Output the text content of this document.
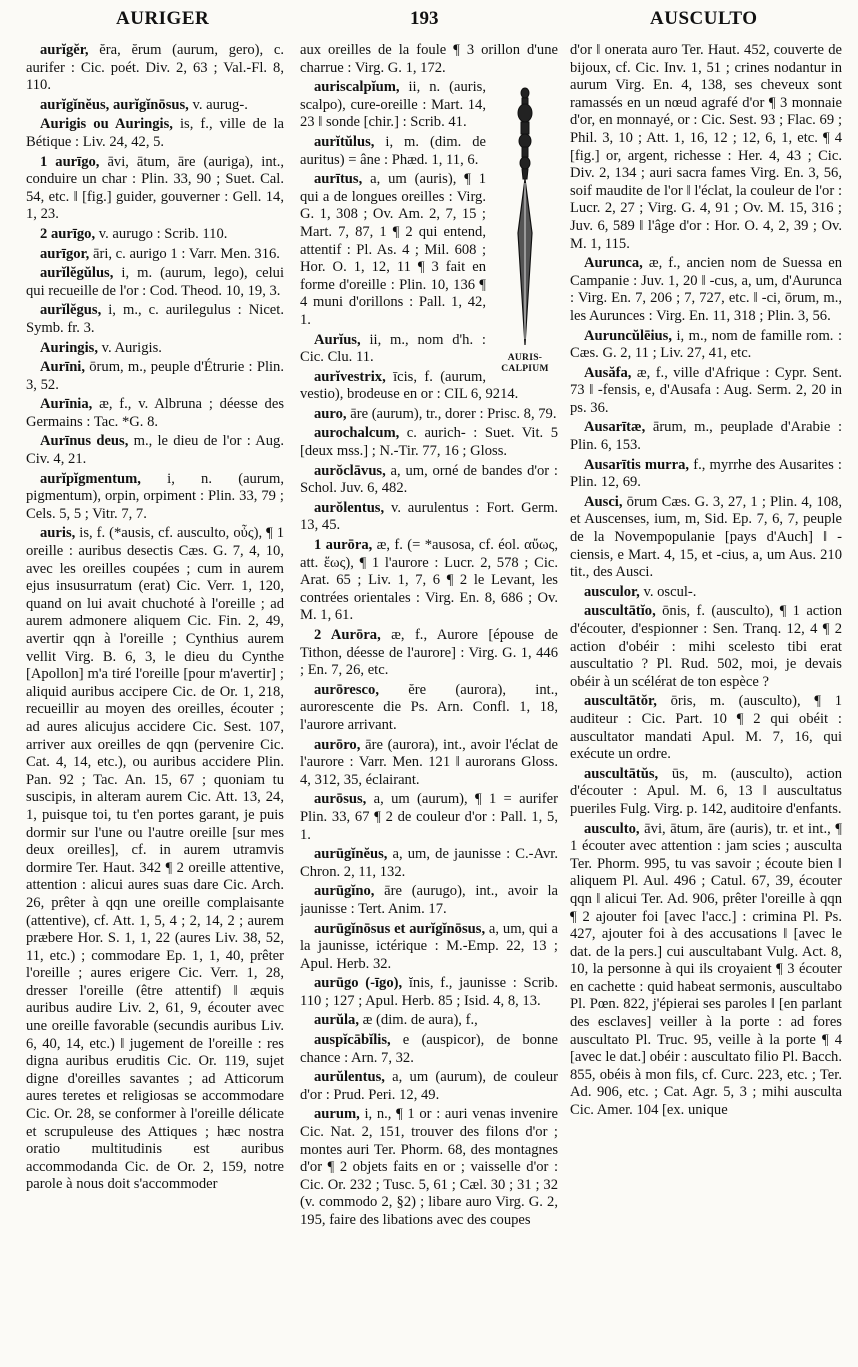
AURIGER	193	AUSCULTO

aurĭgĕr, ĕra, ĕrum (aurum, gero), c. aurifer : Cic. poét. Div. 2, 63 ; Val.-Fl. 8, 110.

aurĭgĭnĕus, aurĭgĭnōsus, v. aurug-.

Aurigis ou Auringis, is, f., ville de la Bétique : Liv. 24, 42, 5.

1 aurīgo, āvi, ātum, āre (auriga), int., conduire un char : Plin. 33, 90 ; Suet. Cal. 54, etc. ‖ [fig.] guider, gouverner : Gell. 14, 1, 23.

2 aurīgo, v. aurugo : Scrib. 110.

aurīgor, āri, c. aurigo 1 : Varr. Men. 316.

aurĭlĕgŭlus, i, m. (aurum, lego), celui qui recueille de l'or : Cod. Theod. 10, 19, 3.

aurĭlĕgus, i, m., c. aurilegulus : Nicet. Symb. fr. 3.

Auringis, v. Aurigis.

Aurīni, ōrum, m., peuple d'Étrurie : Plin. 3, 52.

Aurīnia, æ, f., v. Albruna ; déesse des Germains : Tac. *G. 8.

Aurīnus deus, m., le dieu de l'or : Aug. Civ. 4, 21.

aurĭpĭgmentum, i, n. (aurum, pigmentum), orpin, orpiment : Plin. 33, 79 ; Cels. 5, 5 ; Vitr. 7, 7.

auris, is, f. (*ausis, cf. ausculto, οὖς), ¶ 1 oreille : auribus desectis Cæs. G. 7, 4, 10, avec les oreilles coupées ; cum in aurem ejus insusurratum (erat) Cic. Verr. 1, 120, quand on lui avait chuchoté à l'oreille ; ad aurem admonere aliquem Cic. Fin. 2, 49, avertir qqn à l'oreille ; Cynthius aurem vellit Virg. B. 6, 3, le dieu du Cynthe [Apollon] m'a tiré l'oreille [pour m'avertir] ; aliquid auribus accipere Cic. de Or. 1, 218, recueillir au moyen des oreilles, écouter ; ad aures alicujus accidere Cic. Sest. 107, arriver aux oreilles de qqn (pervenire Cic. Cat. 4, 14, etc.), ou auribus accidere Plin. Pan. 92 ; Tac. An. 15, 67 ; quoniam tu suscipis, in alteram aurem Cic. Att. 13, 24, 1, puisque toi, tu t'en portes garant, je puis dormir sur l'une ou l'autre oreille [sur mes deux oreilles], cf. in aurem utramvis dormire Ter. Haut. 342 ¶ 2 oreille attentive, attention : alicui aures suas dare Cic. Arch. 26, prêter à qqn une oreille complaisante (attentive), cf. Att. 1, 5, 4 ; 2, 14, 2 ; aurem præbere Hor. S. 1, 1, 22 (aures Liv. 38, 52, 11, etc.) ; commodare Ep. 1, 1, 40, prêter l'oreille ; aures erigere Cic. Verr. 1, 28, dresser l'oreille (être attentif) ‖ æquis auribus audire Liv. 2, 61, 9, écouter avec une oreille favorable (secundis auribus Liv. 6, 40, 14, etc.) ‖ jugement de l'oreille : res digna auribus eruditis Cic. Or. 119, sujet digne d'oreilles savantes ; ad Atticorum aures teretes et religiosas se accommodare Cic. Or. 28, se conformer à l'oreille délicate et scrupuleuse des Attiques ; hæc nostra oratio multitudinis est auribus accommodanda Cic. de Or. 2, 159, notre parole à nous doit s'accommoder

aux oreilles de la foule ¶ 3 orillon d'une charrue : Virg. G. 1, 172.

AURIS-
CALPIUM

auriscalpĭum, ii, n. (auris, scalpo), cure-oreille : Mart. 14, 23 ‖ sonde [chir.] : Scrib. 41.

aurĭtŭlus, i, m. (dim. de auritus) = âne : Phæd. 1, 11, 6.

aurītus, a, um (auris), ¶ 1 qui a de longues oreilles : Virg. G. 1, 308 ; Ov. Am. 2, 7, 15 ; Mart. 7, 87, 1 ¶ 2 qui entend, attentif : Pl. As. 4 ; Mil. 608 ; Hor. O. 1, 12, 11 ¶ 3 fait en forme d'oreille : Plin. 10, 136 ¶ 4 muni d'orillons : Pall. 1, 42, 1.

Aurĭus, ii, m., nom d'h. : Cic. Clu. 11.

aurĭvestrix, īcis, f. (aurum, vestio), brodeuse en or : CIL 6, 9214.

auro, āre (aurum), tr., dorer : Prisc. 8, 79.

aurochalcum, c. aurich- : Suet. Vit. 5 [deux mss.] ; N.-Tir. 77, 16 ; Gloss.

aurŏclāvus, a, um, orné de bandes d'or : Schol. Juv. 6, 482.

aurŏlentus, v. aurulentus : Fort. Germ. 13, 45.

1 aurōra, æ, f. (= *ausosa, cf. éol. αὔως, att. ἕως), ¶ 1 l'aurore : Lucr. 2, 578 ; Cic. Arat. 65 ; Liv. 1, 7, 6 ¶ 2 le Levant, les contrées orientales : Virg. En. 8, 686 ; Ov. M. 1, 61.

2 Aurōra, æ, f., Aurore [épouse de Tithon, déesse de l'aurore] : Virg. G. 1, 446 ; En. 7, 26, etc.

aurōresco, ĕre (aurora), int., aurorescente die Ps. Arn. Confl. 1, 18, l'aurore arrivant.

aurōro, āre (aurora), int., avoir l'éclat de l'aurore : Varr. Men. 121 ‖ aurorans Gloss. 4, 312, 35, éclairant.

aurōsus, a, um (aurum), ¶ 1 = aurifer Plin. 33, 67 ¶ 2 de couleur d'or : Pall. 1, 5, 1.

aurūgĭnĕus, a, um, de jaunisse : C.-Avr. Chron. 2, 11, 132.

aurūgĭno, āre (aurugo), int., avoir la jaunisse : Tert. Anim. 17.

aurūgĭnōsus et aurĭgĭnōsus, a, um, qui a la jaunisse, ictérique : M.-Emp. 22, 13 ; Apul. Herb. 32.

aurūgo (-īgo), ĭnis, f., jaunisse : Scrib. 110 ; 127 ; Apul. Herb. 85 ; Isid. 4, 8, 13.

aurŭla, æ (dim. de aura), f.,

auspĭcābĭlis, e (auspicor), de bonne chance : Arn. 7, 32.

aurŭlentus, a, um (aurum), de couleur d'or : Prud. Peri. 12, 49.

aurum, i, n., ¶ 1 or : auri venas invenire Cic. Nat. 2, 151, trouver des filons d'or ; montes auri Ter. Phorm. 68, des montagnes d'or ¶ 2 objets faits en or ; vaisselle d'or : Cic. Or. 232 ; Tusc. 5, 61 ; Cæl. 30 ; 31 ; 32 (v. commodo 2, §2) ; libare auro Virg. G. 2, 195, faire des libations avec des coupes

d'or ‖ onerata auro Ter. Haut. 452, couverte de bijoux, cf. Cic. Inv. 1, 51 ; crines nodantur in aurum Virg. En. 4, 138, ses cheveux sont ramassés en un nœud agrafé d'or ¶ 3 monnaie d'or, en monnayé, or : Cic. Sest. 93 ; Flac. 69 ; Phil. 3, 10 ; Att. 1, 16, 12 ; 12, 6, 1, etc. ¶ 4 [fig.] or, argent, richesse : Her. 4, 43 ; Cic. Div. 2, 134 ; auri sacra fames Virg. En. 3, 56, soif maudite de l'or ‖ l'éclat, la couleur de l'or : Lucr. 2, 27 ; Virg. G. 4, 91 ; Ov. M. 15, 316 ; Juv. 6, 589 ‖ l'âge d'or : Hor. O. 4, 2, 39 ; Ov. M. 1, 115.

Aurunca, æ, f., ancien nom de Suessa en Campanie : Juv. 1, 20 ‖ -cus, a, um, d'Aurunca : Virg. En. 7, 206 ; 7, 727, etc. ‖ -ci, ōrum, m., les Aurunces : Virg. En. 11, 318 ; Plin. 3, 56.

Auruncŭlēius, i, m., nom de famille rom. : Cæs. G. 2, 11 ; Liv. 27, 41, etc.

Ausăfa, æ, f., ville d'Afrique : Cypr. Sent. 73 ‖ -fensis, e, d'Ausafa : Aug. Serm. 2, 20 in ps. 36.

Ausarītæ, ārum, m., peuplade d'Arabie : Plin. 6, 153.

Ausarītis murra, f., myrrhe des Ausarites : Plin. 12, 69.

Ausci, ōrum Cæs. G. 3, 27, 1 ; Plin. 4, 108, et Auscenses, ium, m, Sid. Ep. 7, 6, 7, peuple de la Novempopulanie [pays d'Auch] ‖ -ciensis, e Mart. 4, 15, et -cius, a, um Aus. 210 tit., des Ausci.

ausculor, v. oscul-.

auscultātĭo, ōnis, f. (ausculto), ¶ 1 action d'écouter, d'espionner : Sen. Tranq. 12, 4 ¶ 2 action d'obéir : mihi scelesto tibi erat auscultatio ? Pl. Rud. 502, moi, je devais obéir à un scélérat de ton espèce ?

auscultātŏr, ōris, m. (ausculto), ¶ 1 auditeur : Cic. Part. 10 ¶ 2 qui obéit : auscultator mandati Apul. M. 7, 16, qui exécute un ordre.

auscultātŭs, ūs, m. (ausculto), action d'écouter : Apul. M. 6, 13 ‖ auscultatus pueriles Fulg. Virg. p. 142, auditoire d'enfants.

ausculto, āvi, ātum, āre (auris), tr. et int., ¶ 1 écouter avec attention : jam scies ; ausculta Ter. Phorm. 995, tu vas savoir ; écoute bien ‖ aliquem Pl. Aul. 496 ; Catul. 67, 39, écouter qqn ‖ alicui Ter. Ad. 906, prêter l'oreille à qqn ¶ 2 ajouter foi [avec l'acc.] : crimina Pl. Ps. 427, ajouter foi à des accusations ‖ [avec le dat. de la pers.] cui auscultabant Vulg. Act. 8, 10, la personne à qui ils croyaient ¶ 3 écouter en cachette : quid habeat sermonis, auscultabo Pl. Pœn. 822, j'épierai ses paroles ‖ [en parlant des esclaves] veiller à la porte : ad fores auscultato Pl. Truc. 95, veille à la porte ¶ 4 [avec le dat.] obéir : auscultato filio Pl. Bacch. 855, obéis à mon fils, cf. Curc. 223, etc. ; Ter. Ad. 906, etc. ; Cat. Agr. 5, 3 ; mihi ausculta Cic. Amer. 104 [ex. unique
